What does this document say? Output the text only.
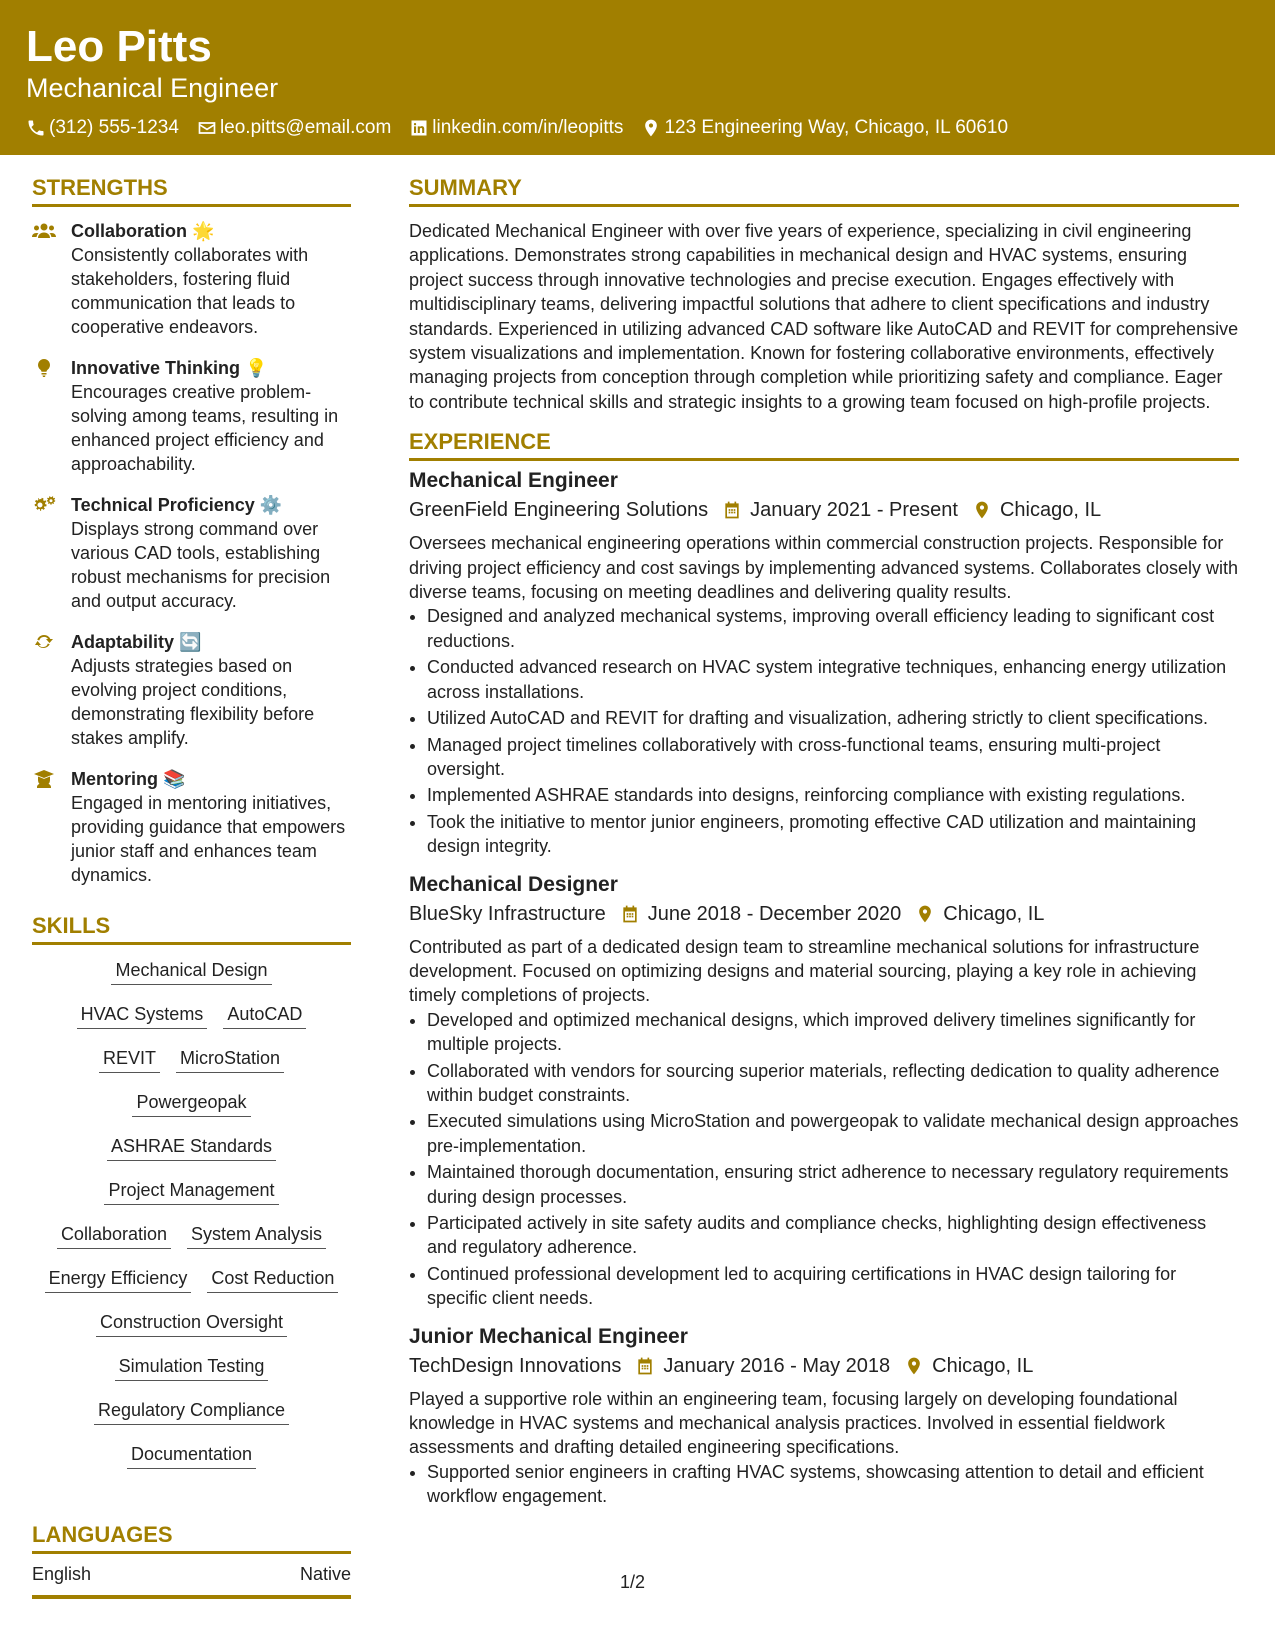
Leo Pitts
Mechanical Engineer
(312) 555-1234 leo.pitts@email.com linkedin.com/in/leopitts 123 Engineering Way, Chicago, IL 60610
STRENGTHS
Collaboration 🌟
Consistently collaborates with stakeholders, fostering fluid communication that leads to cooperative endeavors.
Innovative Thinking 💡
Encourages creative problem-solving among teams, resulting in enhanced project efficiency and approachability.
Technical Proficiency ⚙️
Displays strong command over various CAD tools, establishing robust mechanisms for precision and output accuracy.
Adaptability 🔄
Adjusts strategies based on evolving project conditions, demonstrating flexibility before stakes amplify.
Mentoring 📚
Engaged in mentoring initiatives, providing guidance that empowers junior staff and enhances team dynamics.
SKILLS
Mechanical Design
HVAC Systems AutoCAD
REVIT MicroStation
Powergeopak
ASHRAE Standards
Project Management
Collaboration System Analysis
Energy Efficiency Cost Reduction
Construction Oversight
Simulation Testing
Regulatory Compliance
Documentation
LANGUAGES
English	Native
SUMMARY

Dedicated Mechanical Engineer with over five years of experience, specializing in civil engineering applications. Demonstrates strong capabilities in mechanical design and HVAC systems, ensuring project success through innovative technologies and precise execution. Engages effectively with multidisciplinary teams, delivering impactful solutions that adhere to client specifications and industry standards. Experienced in utilizing advanced CAD software like AutoCAD and REVIT for comprehensive system visualizations and implementation. Known for fostering collaborative environments, effectively managing projects from conception through completion while prioritizing safety and compliance. Eager to contribute technical skills and strategic insights to a growing team focused on high-profile projects.

EXPERIENCE
Mechanical Engineer
GreenField Engineering Solutions January 2021 - Present Chicago, IL
Oversees mechanical engineering operations within commercial construction projects. Responsible for driving project efficiency and cost savings by implementing advanced systems. Collaborates closely with diverse teams, focusing on meeting deadlines and delivering quality results.
• Designed and analyzed mechanical systems, improving overall efficiency leading to significant cost reductions.
• Conducted advanced research on HVAC system integrative techniques, enhancing energy utilization across installations.
• Utilized AutoCAD and REVIT for drafting and visualization, adhering strictly to client specifications.
• Managed project timelines collaboratively with cross-functional teams, ensuring multi-project oversight.
• Implemented ASHRAE standards into designs, reinforcing compliance with existing regulations.
• Took the initiative to mentor junior engineers, promoting effective CAD utilization and maintaining design integrity.
Mechanical Designer
BlueSky Infrastructure June 2018 - December 2020 Chicago, IL
Contributed as part of a dedicated design team to streamline mechanical solutions for infrastructure development. Focused on optimizing designs and material sourcing, playing a key role in achieving timely completions of projects.
• Developed and optimized mechanical designs, which improved delivery timelines significantly for multiple projects.
• Collaborated with vendors for sourcing superior materials, reflecting dedication to quality adherence within budget constraints.
• Executed simulations using MicroStation and powergeopak to validate mechanical design approaches pre-implementation.
• Maintained thorough documentation, ensuring strict adherence to necessary regulatory requirements during design processes.
• Participated actively in site safety audits and compliance checks, highlighting design effectiveness and regulatory adherence.
• Continued professional development led to acquiring certifications in HVAC design tailoring for specific client needs.
Junior Mechanical Engineer
TechDesign Innovations January 2016 - May 2018 Chicago, IL
Played a supportive role within an engineering team, focusing largely on developing foundational knowledge in HVAC systems and mechanical analysis practices. Involved in essential fieldwork assessments and drafting detailed engineering specifications.
• Supported senior engineers in crafting HVAC systems, showcasing attention to detail and efficient workflow engagement.
1/2
